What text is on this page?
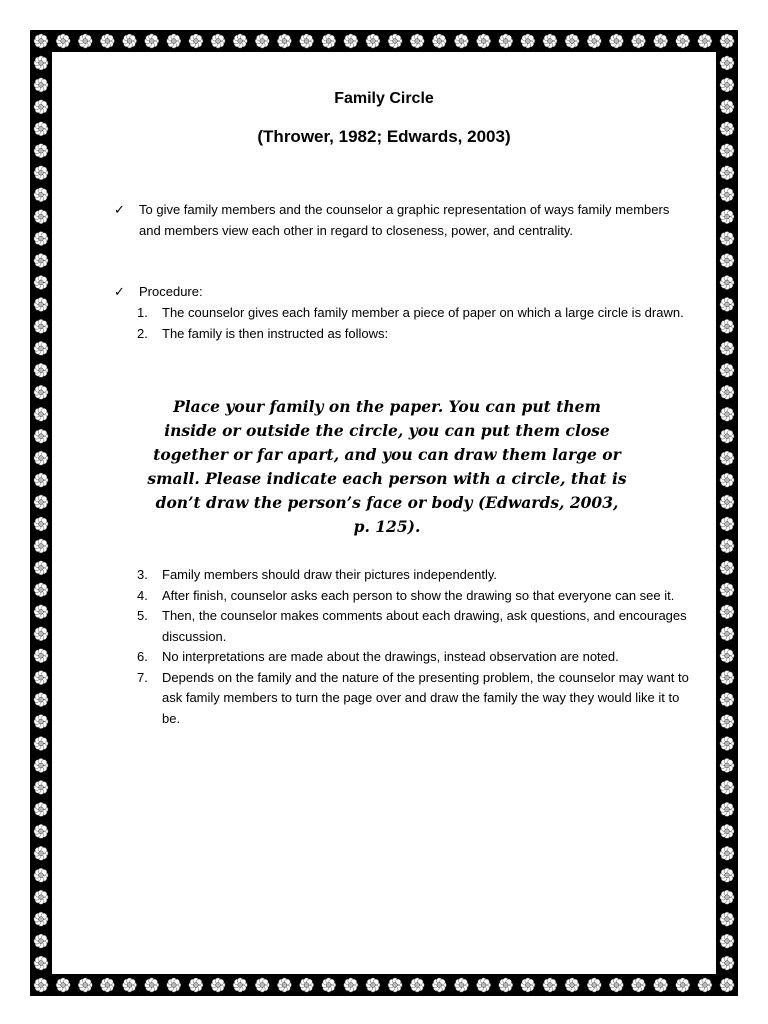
Family Circle
(Thrower, 1982; Edwards, 2003)
✓	To give family members and the counselor a graphic representation of ways family members and members view each other in regard to closeness, power, and centrality.
✓	Procedure:
1. The counselor gives each family member a piece of paper on which a large circle is drawn.
2. The family is then instructed as follows:
Place your family on the paper. You can put them inside or outside the circle, you can put them close together or far apart, and you can draw them large or small. Please indicate each person with a circle, that is don’t draw the person’s face or body (Edwards, 2003, p. 125).
3. Family members should draw their pictures independently.
4. After finish, counselor asks each person to show the drawing so that everyone can see it.
5. Then, the counselor makes comments about each drawing, ask questions, and encourages discussion.
6. No interpretations are made about the drawings, instead observation are noted.
7. Depends on the family and the nature of the presenting problem, the counselor may want to ask family members to turn the page over and draw the family the way they would like it to be.
